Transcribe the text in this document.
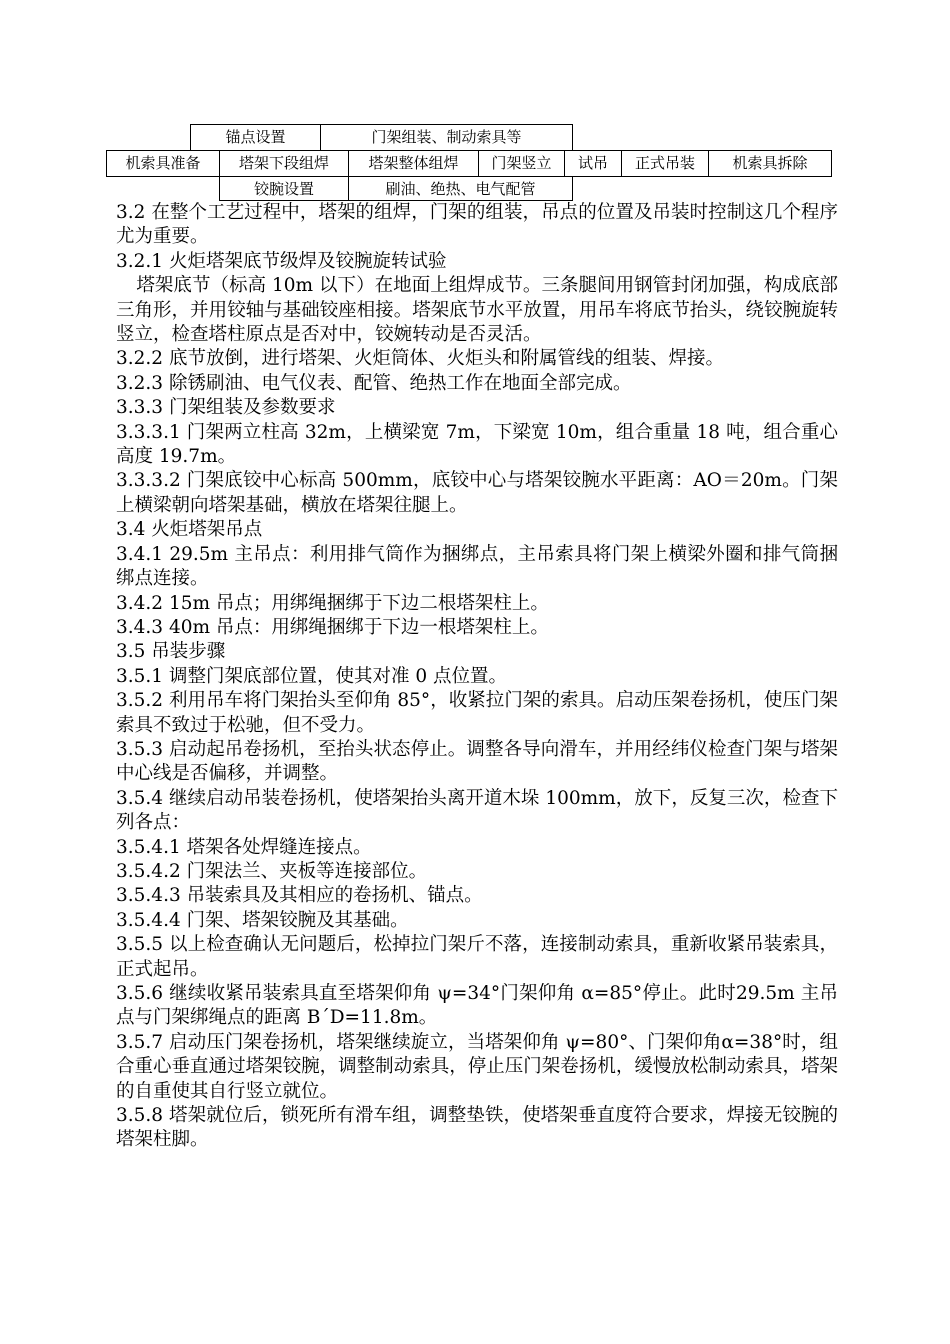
锚点设置	门架组装、制动索具等
机索具准备	塔架下段组焊	塔架整体组焊	门架竖立	试吊	正式吊装	机索具拆除
铰腕设置	刷油、绝热、电气配管

3.2 在整个工艺过程中，塔架的组焊，门架的组装，吊点的位置及吊装时控制这几个程序尤为重要。

3.2.1 火炬塔架底节级焊及铰腕旋转试验

塔架底节（标高 10m 以下）在地面上组焊成节。三条腿间用钢管封闭加强，构成底部三角形，并用铰轴与基础铰座相接。塔架底节水平放置，用吊车将底节抬头，绕铰腕旋转竖立，检查塔柱原点是否对中，铰婉转动是否灵活。

3.2.2 底节放倒，进行塔架、火炬筒体、火炬头和附属管线的组装、焊接。

3.2.3 除锈刷油、电气仪表、配管、绝热工作在地面全部完成。

3.3.3 门架组装及参数要求

3.3.3.1 门架两立柱高 32m，上横梁宽 7m，下梁宽 10m，组合重量 18 吨，组合重心高度 19.7m。

3.3.3.2 门架底铰中心标高 500mm，底铰中心与塔架铰腕水平距离：AO＝20m。门架上横梁朝向塔架基础，横放在塔架往腿上。

3.4 火炬塔架吊点

3.4.1 29.5m 主吊点：利用排气筒作为捆绑点，主吊索具将门架上横梁外圈和排气筒捆绑点连接。

3.4.2 15m 吊点；用绑绳捆绑于下边二根塔架柱上。

3.4.3 40m 吊点：用绑绳捆绑于下边一根塔架柱上。

3.5 吊装步骤

3.5.1 调整门架底部位置，使其对准 0 点位置。

3.5.2 利用吊车将门架抬头至仰角 85°，收紧拉门架的索具。启动压架卷扬机，使压门架索具不致过于松驰，但不受力。

3.5.3 启动起吊卷扬机，至抬头状态停止。调整各导向滑车，并用经纬仪检查门架与塔架中心线是否偏移，并调整。

3.5.4 继续启动吊装卷扬机，使塔架抬头离开道木垛 100mm，放下，反复三次，检查下列各点：

3.5.4.1 塔架各处焊缝连接点。

3.5.4.2 门架法兰、夹板等连接部位。

3.5.4.3 吊装索具及其相应的卷扬机、锚点。

3.5.4.4 门架、塔架铰腕及其基础。

3.5.5 以上检查确认无问题后，松掉拉门架斤不落，连接制动索具，重新收紧吊装索具，正式起吊。

3.5.6 继续收紧吊装索具直至塔架仰角 ψ=34°门架仰角 α=85°停止。此时29.5m 主吊点与门架绑绳点的距离 B´D=11.8m。

3.5.7 启动压门架卷扬机，塔架继续旋立，当塔架仰角 ψ=80°、门架仰角α=38°时，组合重心垂直通过塔架铰腕，调整制动索具，停止压门架卷扬机，缓慢放松制动索具，塔架的自重使其自行竖立就位。

3.5.8 塔架就位后，锁死所有滑车组，调整垫铁，使塔架垂直度符合要求，焊接无铰腕的塔架柱脚。
